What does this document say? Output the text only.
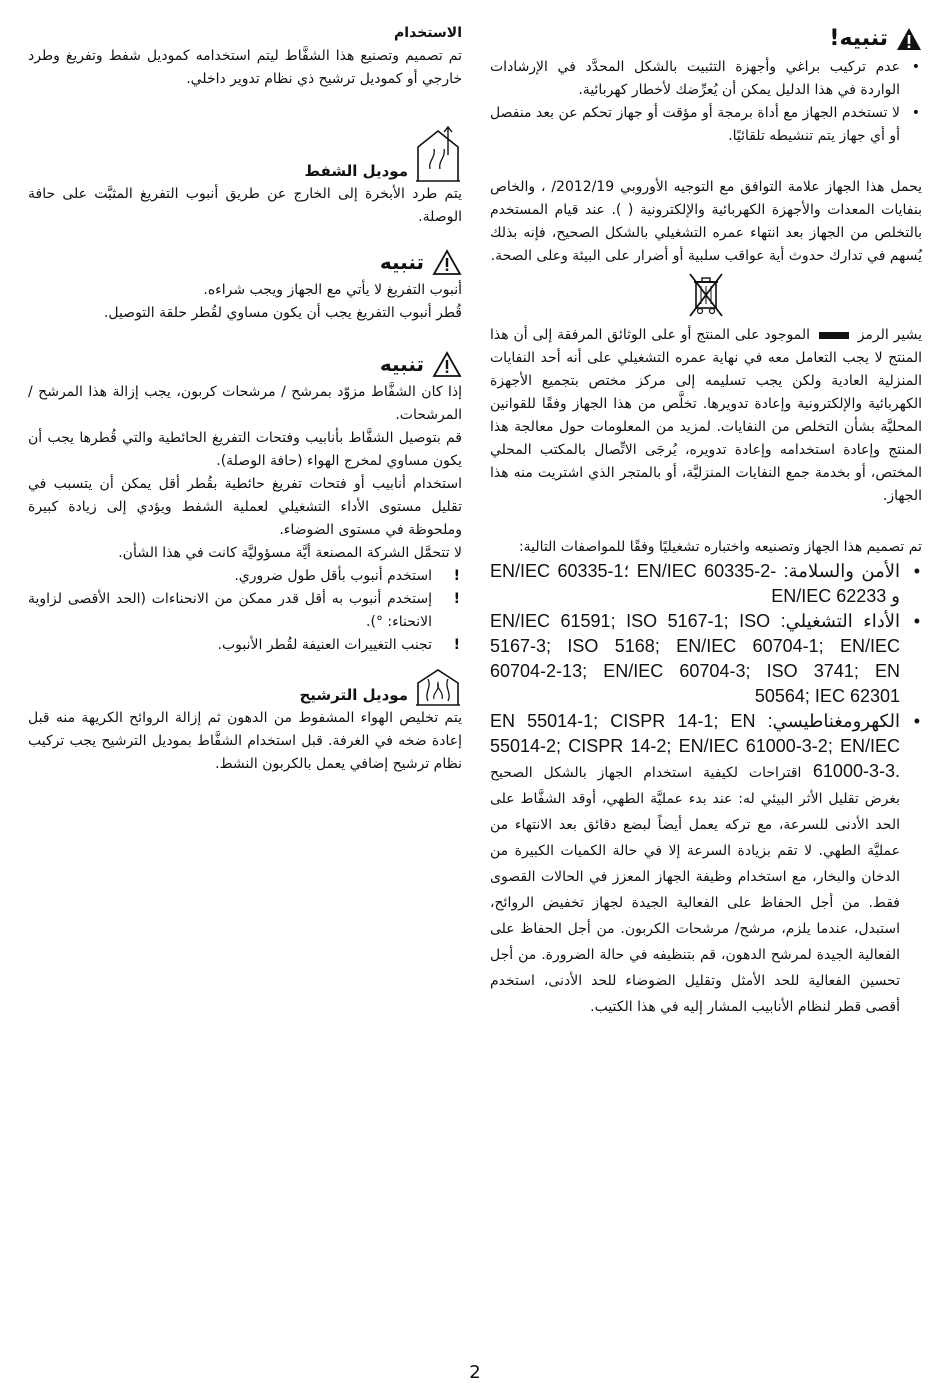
تنبيه!
• عدم تركيب براغي وأجهزة التثبيت بالشكل المحدَّد في الإرشادات الواردة في هذا الدليل يمكن أن يُعرِّضك لأخطار كهربائية.
• لا تستخدم الجهاز مع أداة برمجة أو مؤقت أو جهاز تحكم عن بعد منفصل أو أي جهاز يتم تنشيطه تلقائيًا.

يحمل هذا الجهاز علامة التوافق مع التوجيه الأوروبي 2012/19/ ، والخاص بنفايات المعدات والأجهزة الكهربائية والإلكترونية ( ). عند قيام المستخدم بالتخلص من الجهاز بعد انتهاء عمره التشغيلي بالشكل الصحيح، فإنه بذلك يُسهم في تدارك حدوث أية عواقب سلبية أو أضرار على البيئة وعلى الصحة.

يشير الرمز  الموجود على المنتج أو على الوثائق المرفقة إلى أن هذا المنتج لا يجب التعامل معه في نهاية عمره التشغيلي على أنه أحد النفايات المنزلية العادية ولكن يجب تسليمه إلى مركز مختص بتجميع الأجهزة الكهربائية والإلكترونية وإعادة تدويرها. تخلَّص من هذا الجهاز وفقًا للقوانين المحليَّة بشأن التخلص من النفايات. لمزيد من المعلومات حول معالجة هذا المنتج وإعادة استخدامه وإعادة تدويره، يُرجَى الاتِّصال بالمكتب المحلي المختص، أو بخدمة جمع النفايات المنزليَّة، أو بالمتجر الذي اشتريت منه هذا الجهاز.

تم تصميم هذا الجهاز وتصنيعه واختباره تشغيليًا وفقًا للمواصفات التالية:

• الأمن والسلامة: EN/IEC 60335-1؛ EN/IEC 60335-2- و EN/IEC 62233
• الأداء التشغيلي: EN/IEC 61591; ISO 5167-1; ISO 5167-3; ISO 5168; EN/IEC 60704-1; EN/IEC 60704-2-13; EN/IEC 60704-3; ISO 3741; EN 50564; IEC 62301
• الكهرومغناطيسي: EN 55014-1; CISPR 14-1; EN 55014-2; CISPR 14-2; EN/IEC 61000-3-2; EN/IEC 61000-3-3. اقتراحات لكيفية استخدام الجهاز بالشكل الصحيح بغرض تقليل الأثر البيئي له: عند بدء عمليَّة الطهي، أوقد الشفَّاط على الحد الأدنى للسرعة، مع تركه يعمل أيضاً لبضع دقائق بعد الانتهاء من عمليَّة الطهي. لا تقم بزيادة السرعة إلا في حالة الكميات الكبيرة من الدخان والبخار، مع استخدام وظيفة الجهاز المعزز في الحالات القصوى فقط. من أجل الحفاظ على الفعالية الجيدة لجهاز تخفيض الروائح، استبدل، عندما يلزم، مرشح/ مرشحات الكربون. من أجل الحفاظ على الفعالية الجيدة لمرشح الدهون، قم بتنظيفه في حالة الضرورة. من أجل تحسين الفعالية للحد الأمثل وتقليل الضوضاء للحد الأدنى، استخدم أقصى قطر لنظام الأنابيب المشار إليه في هذا الكتيب.

الاستخدام

تم تصميم وتصنيع هذا الشفَّاط ليتم استخدامه كموديل شفط وتفريغ وطرد خارجي أو كموديل ترشيح ذي نظام تدوير داخلي.

موديل الشفط

يتم طرد الأبخرة إلى الخارج عن طريق أنبوب التفريغ المثبَّت على حافة الوصلة.

تنبيه

أنبوب التفريغ لا يأتي مع الجهاز ويجب شراءه.

قُطر أنبوب التفريغ يجب أن يكون مساوي لقُطر حلقة التوصيل.

تنبيه

إذا كان الشفَّاط مزوّد بمرشح / مرشحات كربون، يجب إزالة هذا المرشح / المرشحات.

قم بتوصيل الشفَّاط بأنابيب وفتحات التفريغ الحائطية والتي قُطرها يجب أن يكون مساوي لمخرج الهواء (حافة الوصلة).

استخدام أنابيب أو فتحات تفريغ حائطية بقُطر أقل يمكن أن يتسبب في تقليل مستوى الأداء التشغيلي لعملية الشفط ويؤدي إلى زيادة كبيرة وملحوظة في مستوى الضوضاء.

لا تتحمَّل الشركة المصنعة أيَّة مسؤوليَّة كانت في هذا الشأن.

!
استخدم أنبوب بأقل طول ضروري.
!
إستخدم أنبوب به أقل قدر ممكن من الانحناءات (الحد الأقصى لزاوية الانحناء: °).
!
تجنب التغييرات العنيفة لقُطر الأنبوب.
موديل الترشيح

يتم تخليص الهواء المشفوط من الدهون ثم إزالة الروائح الكريهة منه قبل إعادة ضخه في الغرفة. قبل استخدام الشفَّاط بموديل الترشيح يجب تركيب نظام ترشيح إضافي يعمل بالكربون النشط.

2
